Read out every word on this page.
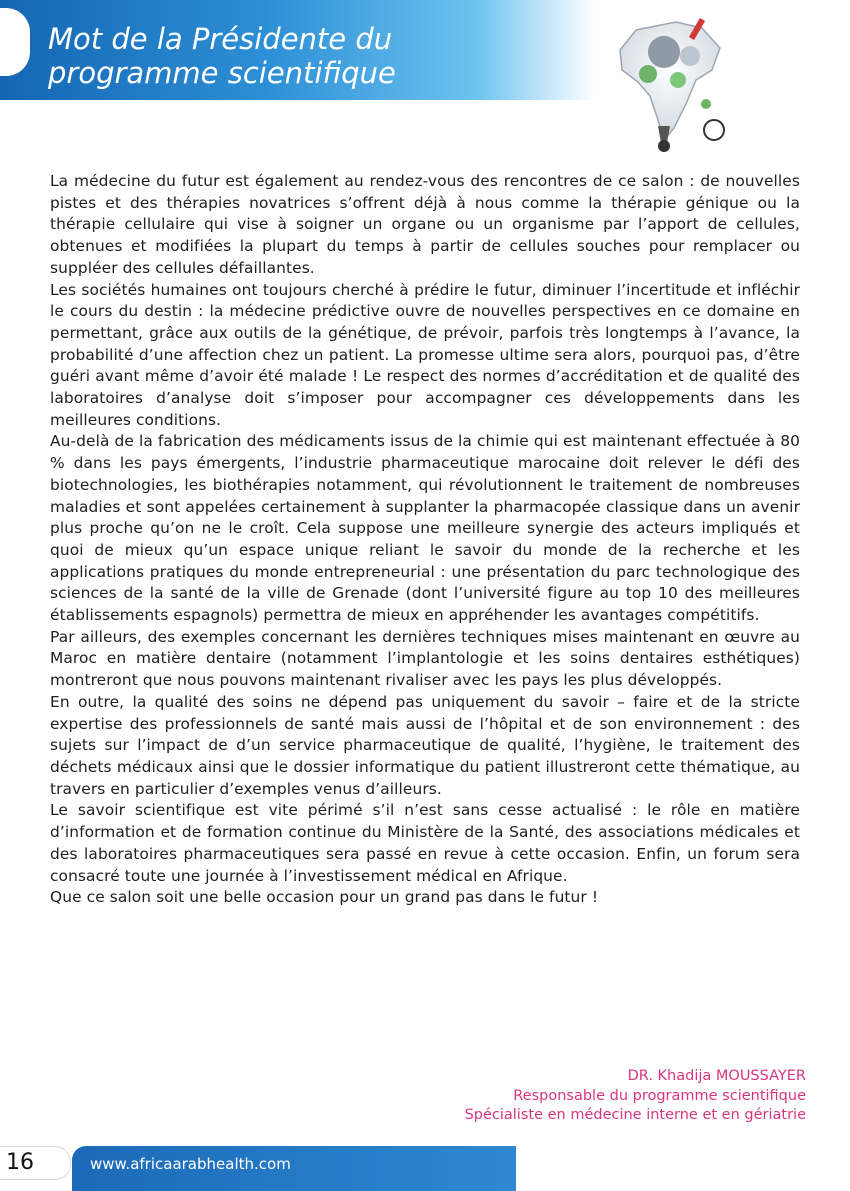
Mot de la Présidente du
programme scientifique

La médecine du futur est également au rendez-vous des rencontres de ce salon : de nouvelles pistes et des thérapies novatrices s’offrent déjà à nous comme la thérapie génique ou la thérapie cellulaire qui vise à soigner un organe ou un organisme par l’apport de cellules, obtenues et modifiées la plupart du temps à partir de cellules souches pour remplacer ou suppléer des cellules défaillantes.

Les sociétés humaines ont toujours cherché à prédire le futur, diminuer l’incertitude et infléchir le cours du destin : la médecine prédictive ouvre de nouvelles perspectives en ce domaine en permettant, grâce aux outils de la génétique, de prévoir, parfois très longtemps à l’avance, la probabilité d’une affection chez un patient. La promesse ultime sera alors, pourquoi pas, d’être guéri avant même d’avoir été malade ! Le respect des normes d’accréditation et de qualité des laboratoires d’analyse doit s’imposer pour accompagner ces développements dans les meilleures conditions.

Au-delà de la fabrication des médicaments issus de la chimie qui est maintenant effectuée à 80 % dans les pays émergents, l’industrie pharmaceutique marocaine doit relever le défi des biotechnologies, les biothérapies notamment, qui révolutionnent le traitement de nombreuses maladies et sont appelées certainement à supplanter la pharmacopée classique dans un avenir plus proche qu’on ne le croît. Cela suppose une meilleure synergie des acteurs impliqués et quoi de mieux qu’un espace unique reliant le savoir du monde de la recherche et les applications pratiques du monde entrepreneurial : une présentation du parc technologique des sciences de la santé de la ville de Grenade (dont l’université figure au top 10 des meilleures établissements espagnols) permettra de mieux en appréhender les avantages compétitifs.

Par ailleurs, des exemples concernant les dernières techniques mises maintenant en œuvre au Maroc en matière dentaire (notamment l’implantologie et les soins dentaires esthétiques) montreront que nous pouvons maintenant rivaliser avec les pays les plus développés.

En outre, la qualité des soins ne dépend pas uniquement du savoir – faire et de la stricte expertise des professionnels de santé mais aussi de l’hôpital et de son environnement : des sujets sur l’impact de d’un service pharmaceutique de qualité, l’hygiène, le traitement des déchets médicaux ainsi que le dossier informatique du patient illustreront cette thématique, au travers en particulier d’exemples venus d’ailleurs.

Le savoir scientifique est vite périmé s’il n’est sans cesse actualisé : le rôle en matière d’information et de formation continue du Ministère de la Santé, des associations médicales et des laboratoires pharmaceutiques sera passé en revue à cette occasion. Enfin, un forum sera consacré toute une journée à l’investissement médical en Afrique.

Que ce salon soit une belle occasion pour un grand pas dans le futur !

DR. Khadija MOUSSAYER
Responsable du programme scientifique
Spécialiste en médecine interne et en gériatrie
16	www.africaarabhealth.com
